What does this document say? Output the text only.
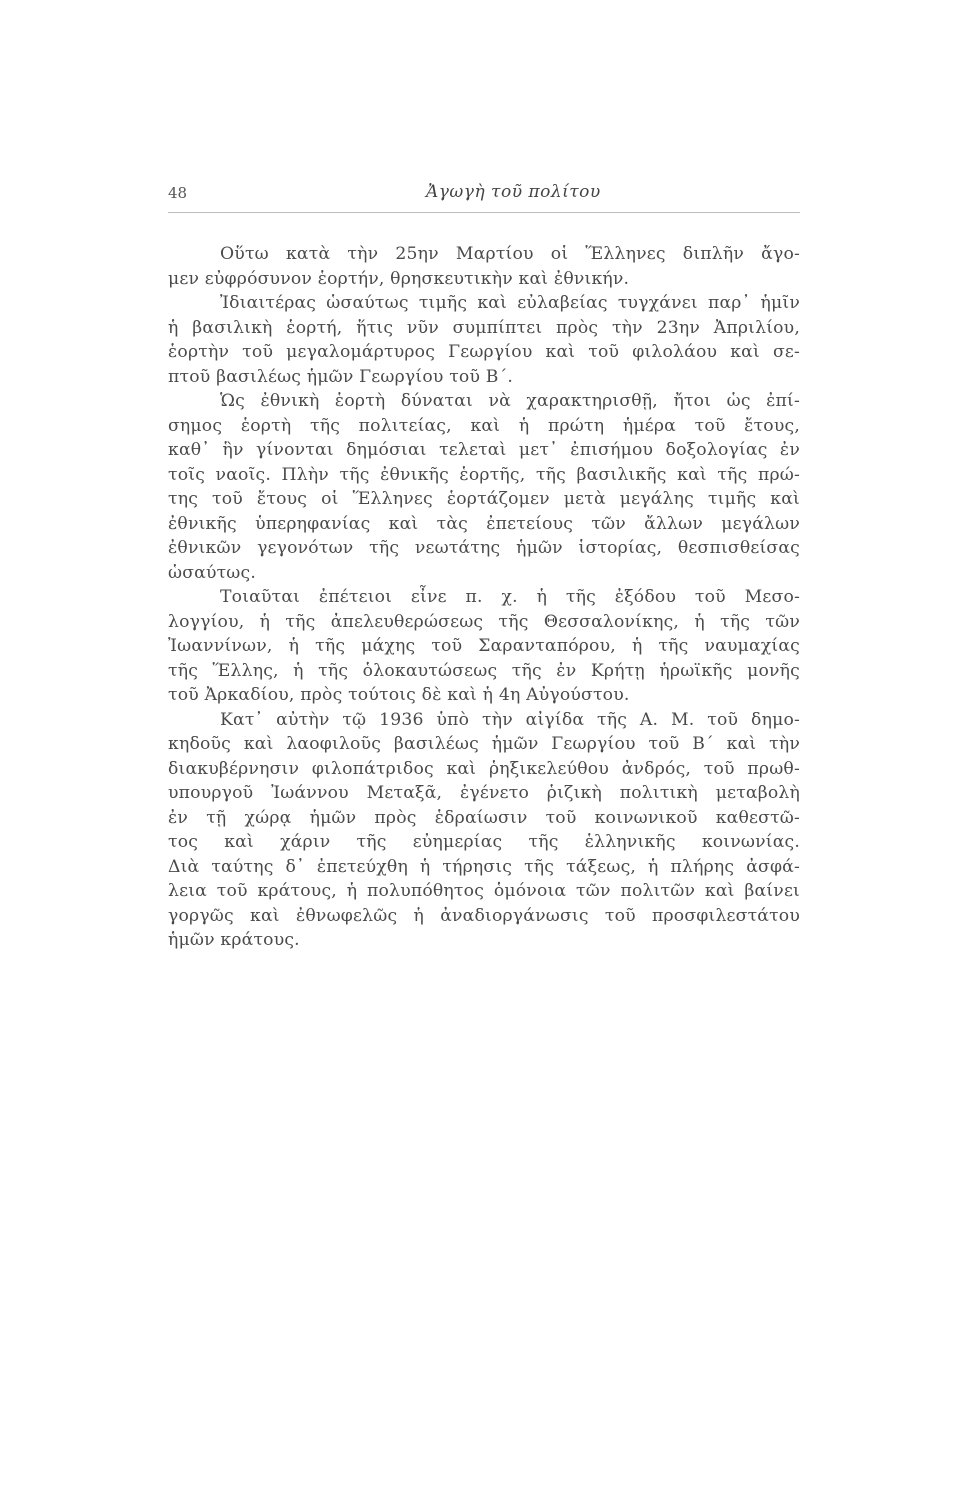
48	Ἀγωγὴ τοῦ πολίτου
Οὕτω κατὰ τὴν 25ην Μαρτίου οἱ Ἕλληνες διπλῆν ἄγο-
μεν εὐφρόσυνον ἑορτήν, θρησκευτικὴν καὶ ἐθνικήν.
Ἰδιαιτέρας ὡσαύτως τιμῆς καὶ εὐλαβείας τυγχάνει παρ᾽ ἡμῖν
ἡ βασιλικὴ ἑορτή, ἥτις νῦν συμπίπτει πρὸς τὴν 23ην Ἀπριλίου,
ἑορτὴν τοῦ μεγαλομάρτυρος Γεωργίου καὶ τοῦ φιλολάου καὶ σε-
πτοῦ βασιλέως ἡμῶν Γεωργίου τοῦ Β΄.
Ὡς ἐθνικὴ ἑορτὴ δύναται νὰ χαρακτηρισθῇ, ἤτοι ὡς ἐπί-
σημος ἑορτὴ τῆς πολιτείας, καὶ ἡ πρώτη ἡμέρα τοῦ ἔτους,
καθ᾽ ἣν γίνονται δημόσιαι τελεταὶ μετ᾽ ἐπισήμου δοξολογίας ἐν
τοῖς ναοῖς. Πλὴν τῆς ἐθνικῆς ἑορτῆς, τῆς βασιλικῆς καὶ τῆς πρώ-
της τοῦ ἔτους οἱ Ἕλληνες ἑορτάζομεν μετὰ μεγάλης τιμῆς καὶ
ἐθνικῆς ὑπερηφανίας καὶ τὰς ἐπετείους τῶν ἄλλων μεγάλων
ἐθνικῶν γεγονότων τῆς νεωτάτης ἡμῶν ἱστορίας, θεσπισθείσας
ὡσαύτως.
Τοιαῦται ἐπέτειοι εἶνε π. χ. ἡ τῆς ἐξόδου τοῦ Μεσο-
λογγίου, ἡ τῆς ἀπελευθερώσεως τῆς Θεσσαλονίκης, ἡ τῆς τῶν
Ἰωαννίνων, ἡ τῆς μάχης τοῦ Σαρανταπόρου, ἡ τῆς ναυμαχίας
τῆς Ἕλλης, ἡ τῆς ὁλοκαυτώσεως τῆς ἐν Κρήτῃ ἡρωϊκῆς μονῆς
τοῦ Ἀρκαδίου, πρὸς τούτοις δὲ καὶ ἡ 4η Αὐγούστου.
Κατ᾽ αὐτὴν τῷ 1936 ὑπὸ τὴν αἰγίδα τῆς Α. Μ. τοῦ δημο-
κηδοῦς καὶ λαοφιλοῦς βασιλέως ἡμῶν Γεωργίου τοῦ Β΄ καὶ τὴν
διακυβέρνησιν φιλοπάτριδος καὶ ῥηξικελεύθου ἀνδρός, τοῦ πρωθ-
υπουργοῦ Ἰωάννου Μεταξᾶ, ἐγένετο ῥιζικὴ πολιτικὴ μεταβολὴ
ἐν τῇ χώρᾳ ἡμῶν πρὸς ἑδραίωσιν τοῦ κοινωνικοῦ καθεστῶ-
τος καὶ χάριν τῆς εὐημερίας τῆς ἑλληνικῆς κοινωνίας.
Διὰ ταύτης δ᾽ ἐπετεύχθη ἡ τήρησις τῆς τάξεως, ἡ πλήρης ἀσφά-
λεια τοῦ κράτους, ἡ πολυπόθητος ὁμόνοια τῶν πολιτῶν καὶ βαίνει
γοργῶς καὶ ἐθνωφελῶς ἡ ἀναδιοργάνωσις τοῦ προσφιλεστάτου
ἡμῶν κράτους.
